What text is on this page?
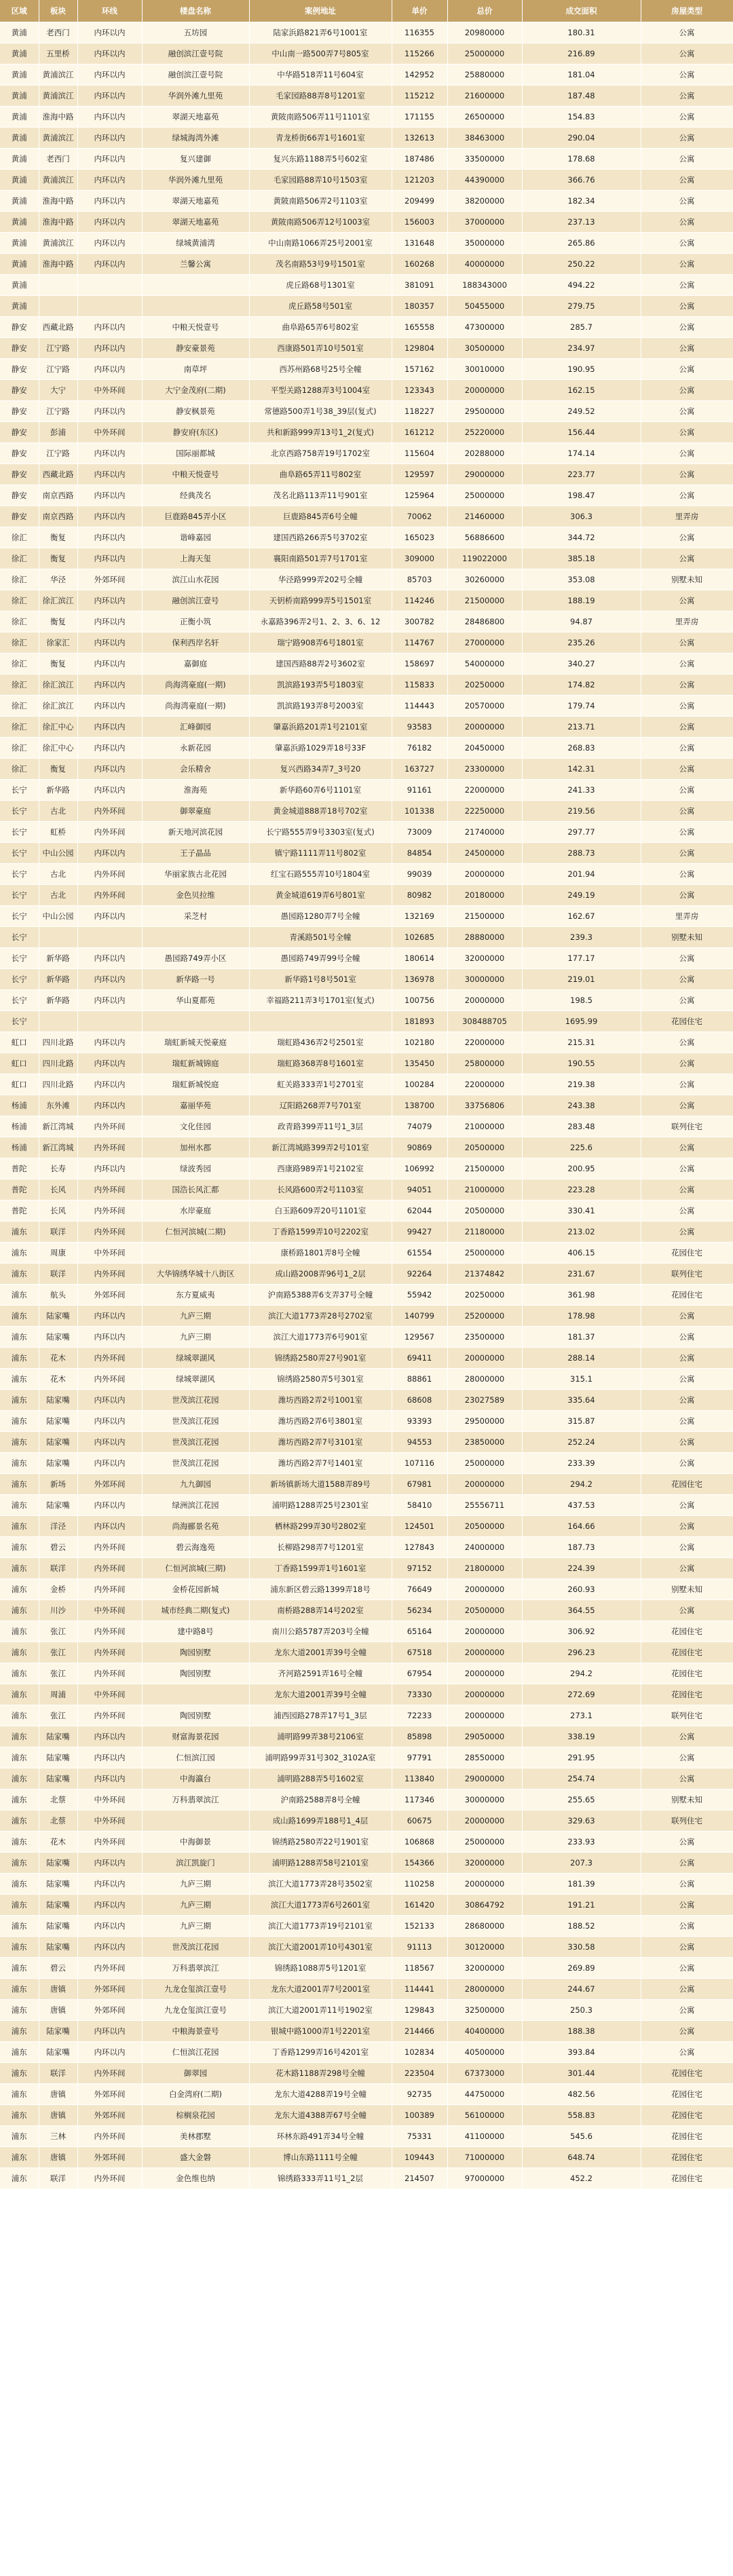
区域	板块	环线	楼盘名称	案例地址	单价	总价	成交面积	房屋类型
黄浦	老西门	内环以内	五坊园	陆家浜路821弄6号1001室	116355	20980000	180.31	公寓
黄浦	五里桥	内环以内	融创滨江壹号院	中山南一路500弄7号805室	115266	25000000	216.89	公寓
黄浦	黄浦滨江	内环以内	融创滨江壹号院	中华路518弄11号604室	142952	25880000	181.04	公寓
黄浦	黄浦滨江	内环以内	华润外滩九里苑	毛家园路88弄8号1201室	115212	21600000	187.48	公寓
黄浦	淮海中路	内环以内	翠湖天地嘉苑	黄陂南路506弄11号1101室	171155	26500000	154.83	公寓
黄浦	黄浦滨江	内环以内	绿城海湾外滩	青龙桥街66弄1号1601室	132613	38463000	290.04	公寓
黄浦	老西门	内环以内	复兴建御	复兴东路1188弄5号602室	187486	33500000	178.68	公寓
黄浦	黄浦滨江	内环以内	华润外滩九里苑	毛家园路88弄10号1503室	121203	44390000	366.76	公寓
黄浦	淮海中路	内环以内	翠湖天地嘉苑	黄陂南路506弄2号1103室	209499	38200000	182.34	公寓
黄浦	淮海中路	内环以内	翠湖天地嘉苑	黄陂南路506弄12号1003室	156003	37000000	237.13	公寓
黄浦	黄浦滨江	内环以内	绿城黄浦湾	中山南路1066弄25号2001室	131648	35000000	265.86	公寓
黄浦	淮海中路	内环以内	兰馨公寓	茂名南路53号9号1501室	160268	40000000	250.22	公寓
黄浦				虎丘路68号1301室	381091	188343000	494.22	公寓
黄浦				虎丘路58号501室	180357	50455000	279.75	公寓
静安	西藏北路	内环以内	中粮天悦壹号	曲阜路65弄6号802室	165558	47300000	285.7	公寓
静安	江宁路	内环以内	静安豪景苑	西康路501弄10号501室	129804	30500000	234.97	公寓
静安	江宁路	内环以内	南草坪	西苏州路68号25号全幢	157162	30010000	190.95	公寓
静安	大宁	中外环间	大宁金茂府(二期)	平型关路1288弄3号1004室	123343	20000000	162.15	公寓
静安	江宁路	内环以内	静安枫景苑	常德路500弄1号38_39层(复式)	118227	29500000	249.52	公寓
静安	彭浦	中外环间	静安府(东区)	共和新路999弄13号1_2(复式)	161212	25220000	156.44	公寓
静安	江宁路	内环以内	国际丽都城	北京西路758弄19号1702室	115604	20288000	174.14	公寓
静安	西藏北路	内环以内	中粮天悦壹号	曲阜路65弄11号802室	129597	29000000	223.77	公寓
静安	南京西路	内环以内	经典茂名	茂名北路113弄11号901室	125964	25000000	198.47	公寓
静安	南京西路	内环以内	巨鹿路845弄小区	巨鹿路845弄6号全幢	70062	21460000	306.3	里弄房
徐汇	衡复	内环以内	谐峰嘉园	建国西路266弄5号3702室	165023	56886600	344.72	公寓
徐汇	衡复	内环以内	上海天玺	襄阳南路501弄7号1701室	309000	119022000	385.18	公寓
徐汇	华泾	外郊环间	滨江山水花园	华泾路999弄202号全幢	85703	30260000	353.08	别墅未知
徐汇	徐汇滨江	内环以内	融创滨江壹号	天钥桥南路999弄5号1501室	114246	21500000	188.19	公寓
徐汇	衡复	内环以内	正衡小筑	永嘉路396弄2号1、2、3、6、12	300782	28486800	94.87	里弄房
徐汇	徐家汇	内环以内	保利西岸名轩	瑞宁路908弄6号1801室	114767	27000000	235.26	公寓
徐汇	衡复	内环以内	嘉御庭	建国西路88弄2号3602室	158697	54000000	340.27	公寓
徐汇	徐汇滨江	内环以内	尚海湾豪庭(一期)	凯滨路193弄5号1803室	115833	20250000	174.82	公寓
徐汇	徐汇滨江	内环以内	尚海湾豪庭(一期)	凯滨路193弄8号2003室	114443	20570000	179.74	公寓
徐汇	徐汇中心	内环以内	汇峰御园	肇嘉浜路201弄1号2101室	93583	20000000	213.71	公寓
徐汇	徐汇中心	内环以内	永新花园	肇嘉浜路1029弄18号33F	76182	20450000	268.83	公寓
徐汇	衡复	内环以内	会乐精舍	复兴西路34弄7_3号20	163727	23300000	142.31	公寓
长宁	新华路	内环以内	淮海苑	新华路60弄6号1101室	91161	22000000	241.33	公寓
长宁	古北	内外环间	御翠豪庭	黄金城道888弄18号702室	101338	22250000	219.56	公寓
长宁	虹桥	内外环间	新天地河滨花园	长宁路555弄9号3303室(复式)	73009	21740000	297.77	公寓
长宁	中山公园	内环以内	王子晶品	镇宁路1111弄11号802室	84854	24500000	288.73	公寓
长宁	古北	内外环间	华丽家族古北花园	红宝石路555弄10号1804室	99039	20000000	201.94	公寓
长宁	古北	内外环间	金色贝拉维	黄金城道619弄6号801室	80982	20180000	249.19	公寓
长宁	中山公园	内环以内	采芝村	愚园路1280弄7号全幢	132169	21500000	162.67	里弄房
长宁				青溪路501号全幢	102685	28880000	239.3	别墅未知
长宁	新华路	内环以内	愚园路749弄小区	愚园路749弄99号全幢	180614	32000000	177.17	公寓
长宁	新华路	内环以内	新华路一号	新华路1号8号501室	136978	30000000	219.01	公寓
长宁	新华路	内环以内	华山夏都苑	幸福路211弄3号1701室(复式)	100756	20000000	198.5	公寓
长宁					181893	308488705	1695.99	花园住宅
虹口	四川北路	内环以内	瑞虹新城天悦豪庭	瑞虹路436弄2号2501室	102180	22000000	215.31	公寓
虹口	四川北路	内环以内	瑞虹新城锦庭	瑞虹路368弄8号1601室	135450	25800000	190.55	公寓
虹口	四川北路	内环以内	瑞虹新城悦庭	虹关路333弄1号2701室	100284	22000000	219.38	公寓
杨浦	东外滩	内环以内	嘉丽华苑	辽阳路268弄7号701室	138700	33756806	243.38	公寓
杨浦	新江湾城	内外环间	文化佳园	政青路399弄11号1_3层	74079	21000000	283.48	联列住宅
杨浦	新江湾城	内外环间	加州水郡	新江湾城路399弄2号101室	90869	20500000	225.6	公寓
普陀	长寿	内环以内	绿波秀园	西康路989弄1号2102室	106992	21500000	200.95	公寓
普陀	长风	内外环间	国浩长风汇都	长风路600弄2号1103室	94051	21000000	223.28	公寓
普陀	长风	内外环间	水岸豪庭	白玉路609弄20号1101室	62044	20500000	330.41	公寓
浦东	联洋	内外环间	仁恒河滨城(二期)	丁香路1599弄10号2202室	99427	21180000	213.02	公寓
浦东	周康	中外环间		康桥路1801弄8号全幢	61554	25000000	406.15	花园住宅
浦东	联洋	内外环间	大华锦绣华城十八街区	成山路2008弄96号1_2层	92264	21374842	231.67	联列住宅
浦东	航头	外郊环间	东方夏威夷	沪南路5388弄6支弄37号全幢	55942	20250000	361.98	花园住宅
浦东	陆家嘴	内环以内	九庐三期	滨江大道1773弄28号2702室	140799	25200000	178.98	公寓
浦东	陆家嘴	内环以内	九庐三期	滨江大道1773弄6号901室	129567	23500000	181.37	公寓
浦东	花木	内外环间	绿城翠湖风	锦绣路2580弄27号901室	69411	20000000	288.14	公寓
浦东	花木	内外环间	绿城翠湖风	锦绣路2580弄5号301室	88861	28000000	315.1	公寓
浦东	陆家嘴	内环以内	世茂滨江花园	潍坊西路2弄2号1001室	68608	23027589	335.64	公寓
浦东	陆家嘴	内环以内	世茂滨江花园	潍坊西路2弄6号3801室	93393	29500000	315.87	公寓
浦东	陆家嘴	内环以内	世茂滨江花园	潍坊西路2弄7号3101室	94553	23850000	252.24	公寓
浦东	陆家嘴	内环以内	世茂滨江花园	潍坊西路2弄7号1401室	107116	25000000	233.39	公寓
浦东	新场	外郊环间	九九御园	新场镇新场大道1588弄89号	67981	20000000	294.2	花园住宅
浦东	陆家嘴	内环以内	绿洲滨江花园	浦明路1288弄25号2301室	58410	25556711	437.53	公寓
浦东	洋泾	内环以内	尚海郦景名苑	栖林路299弄30号2802室	124501	20500000	164.66	公寓
浦东	碧云	内外环间	碧云海逸苑	长柳路298弄7号1201室	127843	24000000	187.73	公寓
浦东	联洋	内外环间	仁恒河滨城(三期)	丁香路1599弄1号1601室	97152	21800000	224.39	公寓
浦东	金桥	内外环间	金桥花园新城	浦东新区碧云路1399弄18号	76649	20000000	260.93	别墅未知
浦东	川沙	中外环间	城市经典二期(复式)	南桥路288弄14号202室	56234	20500000	364.55	公寓
浦东	张江	内外环间	建中路8号	南川公路5787弄203号全幢	65164	20000000	306.92	花园住宅
浦东	张江	内外环间	陶园别墅	龙东大道2001弄39号全幢	67518	20000000	296.23	花园住宅
浦东	张江	内外环间	陶园别墅	齐河路2591弄16号全幢	67954	20000000	294.2	花园住宅
浦东	周浦	中外环间		龙东大道2001弄39号全幢	73330	20000000	272.69	花园住宅
浦东	张江	内外环间	陶园别墅	浦西园路278弄17号1_3层	72233	20000000	273.1	联列住宅
浦东	陆家嘴	内环以内	财富海景花园	浦明路99弄38号2106室	85898	29050000	338.19	公寓
浦东	陆家嘴	内环以内	仁恒滨江园	浦明路99弄31号302_3102A室	97791	28550000	291.95	公寓
浦东	陆家嘴	内环以内	中海瀛台	浦明路288弄5号1602室	113840	29000000	254.74	公寓
浦东	北蔡	中外环间	万科翡翠滨江	沪南路2588弄8号全幢	117346	30000000	255.65	别墅未知
浦东	北蔡	中外环间		成山路1699弄188号1_4层	60675	20000000	329.63	联列住宅
浦东	花木	内外环间	中海御景	锦绣路2580弄22号1901室	106868	25000000	233.93	公寓
浦东	陆家嘴	内环以内	滨江凯旋门	浦明路1288弄58号2101室	154366	32000000	207.3	公寓
浦东	陆家嘴	内环以内	九庐三期	滨江大道1773弄28号3502室	110258	20000000	181.39	公寓
浦东	陆家嘴	内环以内	九庐三期	滨江大道1773弄6号2601室	161420	30864792	191.21	公寓
浦东	陆家嘴	内环以内	九庐三期	滨江大道1773弄19号2101室	152133	28680000	188.52	公寓
浦东	陆家嘴	内环以内	世茂滨江花园	滨江大道2001弄10号4301室	91113	30120000	330.58	公寓
浦东	碧云	内外环间	万科翡翠滨江	锦绣路1088弄5号1201室	118567	32000000	269.89	公寓
浦东	唐镇	外郊环间	九龙仓玺滨江壹号	龙东大道2001弄7号2001室	114441	28000000	244.67	公寓
浦东	唐镇	外郊环间	九龙仓玺滨江壹号	滨江大道2001弄11号1902室	129843	32500000	250.3	公寓
浦东	陆家嘴	内环以内	中粮海景壹号	银城中路1000弄1号2201室	214466	40400000	188.38	公寓
浦东	陆家嘴	内环以内	仁恒滨江花园	丁香路1299弄16号4201室	102834	40500000	393.84	公寓
浦东	联洋	内外环间	御翠园	花木路1188弄298号全幢	223504	67373000	301.44	花园住宅
浦东	唐镇	外郊环间	白金湾府(二期)	龙东大道4288弄19号全幢	92735	44750000	482.56	花园住宅
浦东	唐镇	外郊环间	棕榈泉花园	龙东大道4388弄67号全幢	100389	56100000	558.83	花园住宅
浦东	三林	内外环间	美林郡墅	环林东路491弄34号全幢	75331	41100000	545.6	花园住宅
浦东	唐镇	外郊环间	盛大金磐	博山东路1111号全幢	109443	71000000	648.74	花园住宅
浦东	联洋	内外环间	金色维也纳	锦绣路333弄11号1_2层	214507	97000000	452.2	花园住宅
